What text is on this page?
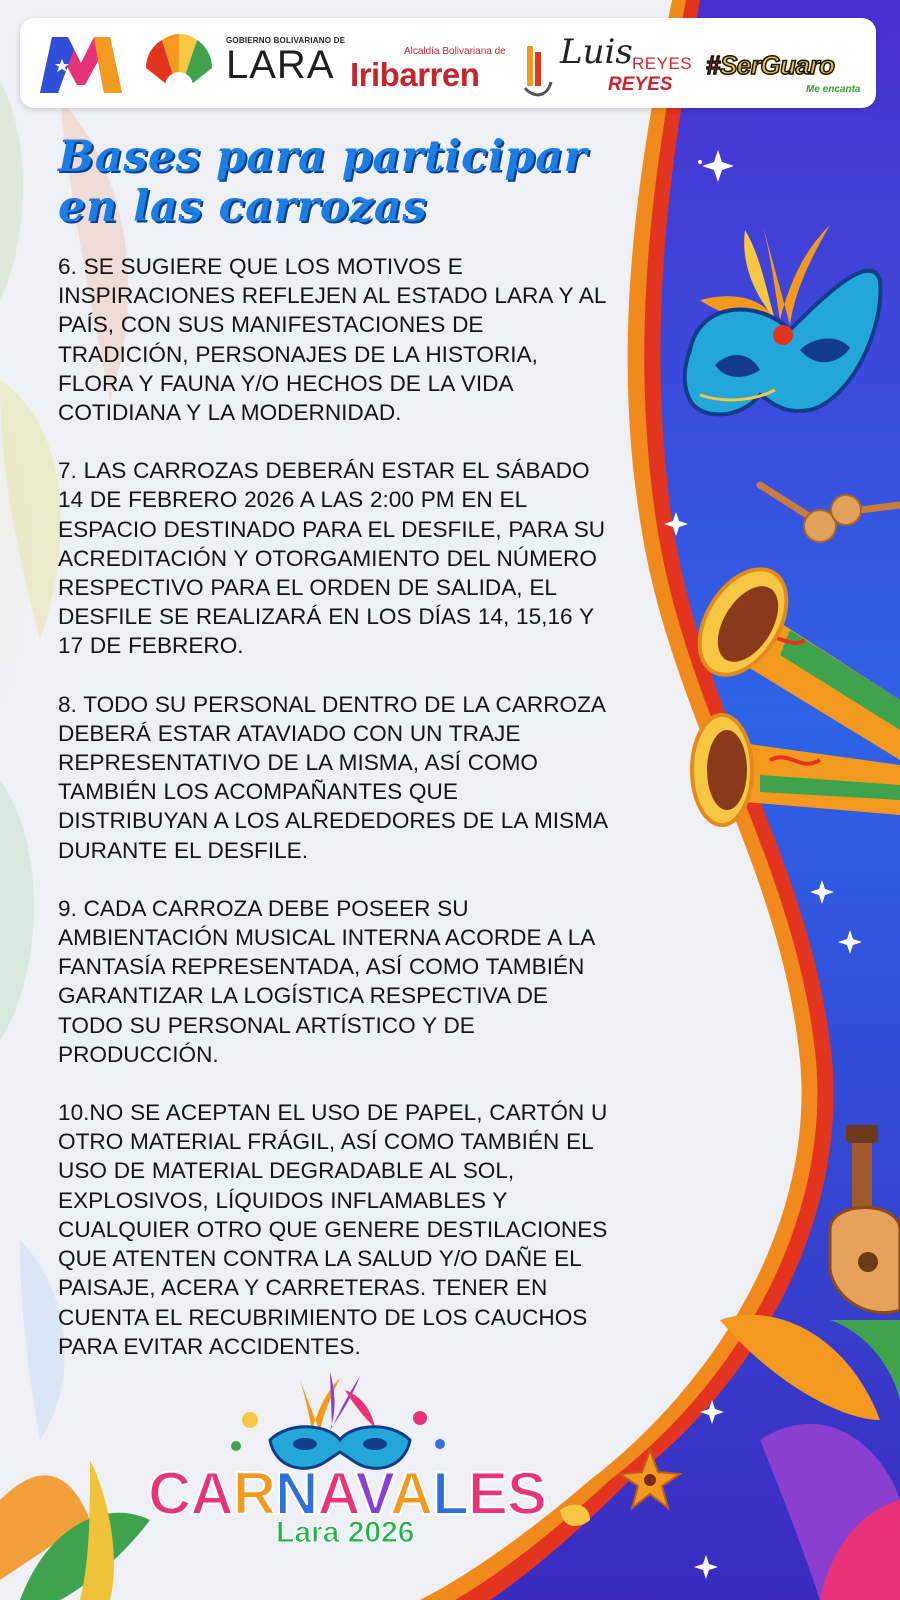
GOBIERNO BOLIVARIANO DE
LARA	Alcaldía Bolivariana de
Iribarren
Luis REYES
REYES
#SerGuaro
Me encanta
Bases para participar
en las carrozas

6. SE SUGIERE QUE LOS MOTIVOS E INSPIRACIONES REFLEJEN AL ESTADO LARA Y AL PAÍS, CON SUS MANIFESTACIONES DE TRADICIÓN, PERSONAJES DE LA HISTORIA, FLORA Y FAUNA Y/O HECHOS DE LA VIDA COTIDIANA Y LA MODERNIDAD.

7. LAS CARROZAS DEBERÁN ESTAR EL SÁBADO 14 DE FEBRERO 2026 A LAS 2:00 PM EN EL ESPACIO DESTINADO PARA EL DESFILE, PARA SU ACREDITACIÓN Y OTORGAMIENTO DEL NÚMERO RESPECTIVO PARA EL ORDEN DE SALIDA, EL DESFILE SE REALIZARÁ EN LOS DÍAS 14, 15,16 Y 17 DE FEBRERO.

8. TODO SU PERSONAL DENTRO DE LA CARROZA DEBERÁ ESTAR ATAVIADO CON UN TRAJE REPRESENTATIVO DE LA MISMA, ASÍ COMO TAMBIÉN LOS ACOMPAÑANTES QUE DISTRIBUYAN A LOS ALREDEDORES DE LA MISMA DURANTE EL DESFILE.

9. CADA CARROZA DEBE POSEER SU AMBIENTACIÓN MUSICAL INTERNA ACORDE A LA FANTASÍA REPRESENTADA, ASÍ COMO TAMBIÉN GARANTIZAR LA LOGÍSTICA RESPECTIVA DE TODO SU PERSONAL ARTÍSTICO Y DE PRODUCCIÓN.

10.NO SE ACEPTAN EL USO DE PAPEL, CARTÓN U OTRO MATERIAL FRÁGIL, ASÍ COMO TAMBIÉN EL USO DE MATERIAL DEGRADABLE AL SOL, EXPLOSIVOS, LÍQUIDOS INFLAMABLES Y CUALQUIER OTRO QUE GENERE DESTILACIONES QUE ATENTEN CONTRA LA SALUD Y/O DAÑE EL PAISAJE, ACERA Y CARRETERAS. TENER EN CUENTA EL RECUBRIMIENTO DE LOS CAUCHOS PARA EVITAR ACCIDENTES.

CARNAVALES
Lara 2026
